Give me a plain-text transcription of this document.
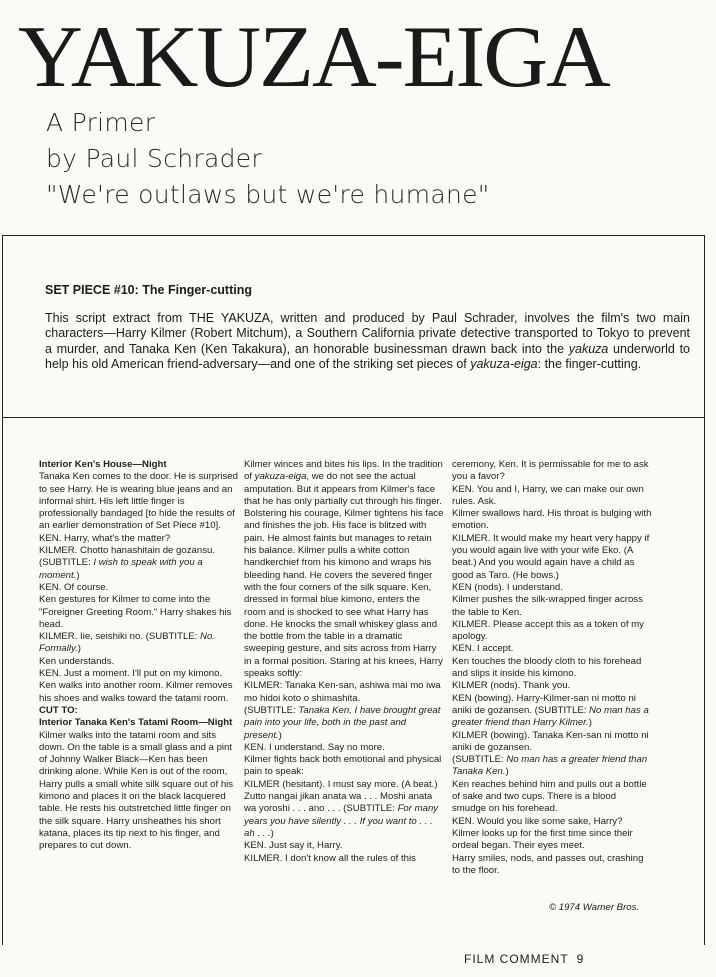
YAKUZA-EIGA
A Primer
by Paul Schrader
"We're outlaws but we're humane"
SET PIECE #10: The Finger-cutting

This script extract from THE YAKUZA, written and produced by Paul Schrader, involves the film's two main characters—Harry Kilmer (Robert Mitchum), a Southern California private detective transported to Tokyo to prevent a murder, and Tanaka Ken (Ken Takakura), an honorable businessman drawn back into the yakuza underworld to help his old American friend-adversary—and one of the striking set pieces of yakuza-eiga: the finger-cutting.

Interior Ken's House—Night

Tanaka Ken comes to the door. He is surprised to see Harry. He is wearing blue jeans and an informal shirt. His left little finger is professionally bandaged [to hide the results of an earlier demonstration of Set Piece #10].

KEN. Harry, what's the matter?

KILMER. Chotto hanashitain de gozansu. (SUBTITLE: I wish to speak with you a moment.)

KEN. Of course.

Ken gestures for Kilmer to come into the "Foreigner Greeting Room." Harry shakes his head.

KILMER. Iie, seishiki no. (SUBTITLE: No. Formally.)

Ken understands.

KEN. Just a moment. I'll put on my kimono.

Ken walks into another room. Kilmer removes his shoes and walks toward the tatami room.

CUT TO:

Interior Tanaka Ken's Tatami Room—Night

Kilmer walks into the tatami room and sits down. On the table is a small glass and a pint of Johnny Walker Black—Ken has been drinking alone. While Ken is out of the room, Harry pulls a small white silk square out of his kimono and places it on the black lacquered table. He rests his outstretched little finger on the silk square. Harry unsheathes his short katana, places its tip next to his finger, and prepares to cut down.

Kilmer winces and bites his lips. In the tradition of yakuza-eiga, we do not see the actual amputation. But it appears from Kilmer's face that he has only partially cut through his finger. Bolstering his courage, Kilmer tightens his face and finishes the job. His face is blitzed with pain. He almost faints but manages to retain his balance. Kilmer pulls a white cotton handkerchief from his kimono and wraps his bleeding hand. He covers the severed finger with the four corners of the silk square. Ken, dressed in formal blue kimono, enters the room and is shocked to see what Harry has done. He knocks the small whiskey glass and the bottle from the table in a dramatic sweeping gesture, and sits across from Harry in a formal position. Staring at his knees, Harry speaks softly:

KILMER: Tanaka Ken-san, ashiwa mai mo iwa mo hidoi koto o shimashita.

(SUBTITLE: Tanaka Ken, I have brought great pain into your life, both in the past and present.)

KEN. I understand. Say no more.

Kilmer fights back both emotional and physical pain to speak:

KILMER (hesitant). I must say more. (A beat.) Zutto nangai jikan anata wa . . . Moshi anata wa yoroshi . . . ano . . . (SUBTITLE: For many years you have silently . . . If you want to . . . ah . . .)

KEN. Just say it, Harry.

KILMER. I don't know all the rules of this

ceremony, Ken. It is permissable for me to ask you a favor?

KEN. You and I, Harry, we can make our own rules. Ask.

Kilmer swallows hard. His throat is bulging with emotion.

KILMER. It would make my heart very happy if you would again live with your wife Eko. (A beat.) And you would again have a child as good as Taro. (He bows.)

KEN (nods). I understand.

Kilmer pushes the silk-wrapped finger across the table to Ken.

KILMER. Please accept this as a token of my apology.

KEN. I accept.

Ken touches the bloody cloth to his forehead and slips it inside his kimono.

KILMER (nods). Thank you.

KEN (bowing). Harry-Kilmer-san ni motto ni aniki de gozansen. (SUBTITLE: No man has a greater friend than Harry Kilmer.)

KILMER (bowing). Tanaka Ken-san ni motto ni aniki de gozansen.

(SUBTITLE: No man has a greater friend than Tanaka Ken.)

Ken reaches behind him and pulls out a bottle of sake and two cups. There is a blood smudge on his forehead.

KEN. Would you like some sake, Harry?

Kilmer looks up for the first time since their ordeal began. Their eyes meet.

Harry smiles, nods, and passes out, crashing to the floor.

© 1974 Warner Bros.
FILM COMMENT 9
